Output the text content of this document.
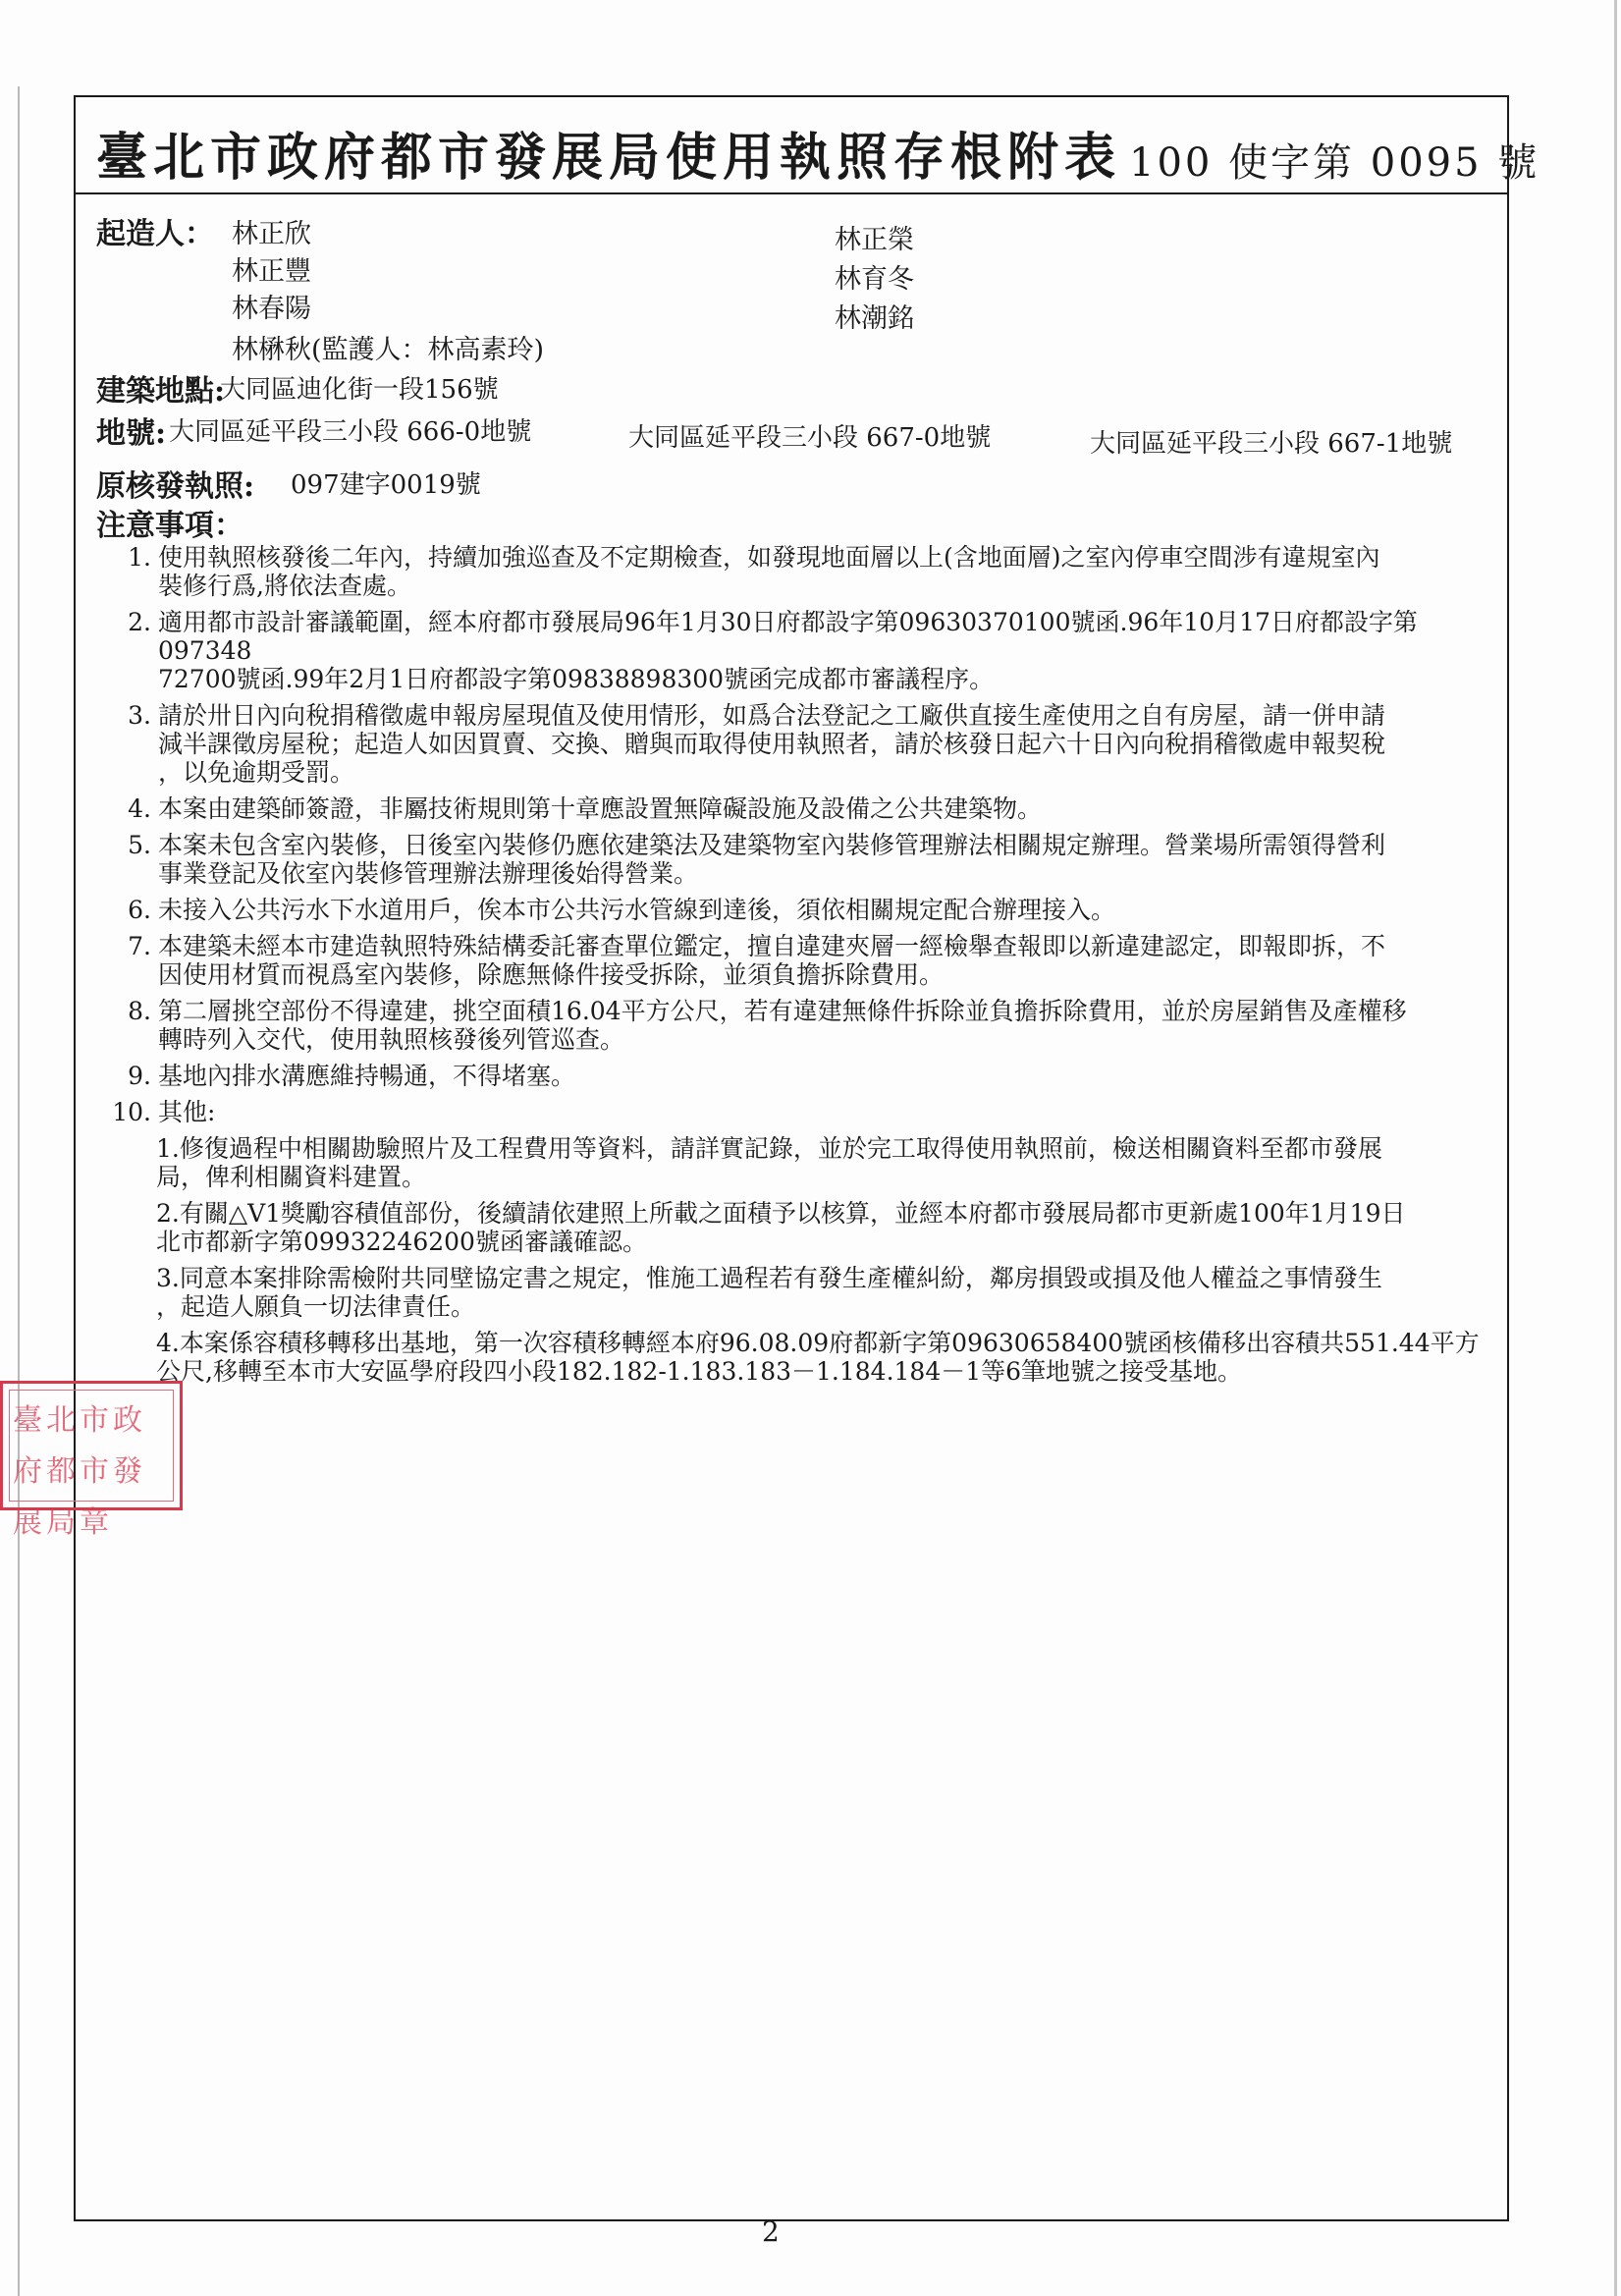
臺北市政府都市發展局使用執照存根附表 100 使字第 0095 號
起造人： 林正欣
林正豐
林春陽
林楙秋(監護人：林高素玲)
林正榮
林育冬
林潮銘
建築地點:
大同區迪化街一段156號
地號: 大同區延平段三小段 666-0地號	大同區延平段三小段 667-0地號	大同區延平段三小段 667-1地號
原核發執照: 097建字0019號
注意事項：
1. 使用執照核發後二年內，持續加強巡查及不定期檢查，如發現地面層以上(含地面層)之室內停車空間涉有違規室內
裝修行爲,將依法查處。
2. 適用都市設計審議範圍，經本府都市發展局96年1月30日府都設字第09630370100號函.96年10月17日府都設字第097348
72700號函.99年2月1日府都設字第09838898300號函完成都市審議程序。
3. 請於卅日內向稅捐稽徵處申報房屋現值及使用情形，如爲合法登記之工廠供直接生產使用之自有房屋，請一併申請
減半課徵房屋稅；起造人如因買賣、交換、贈與而取得使用執照者，請於核發日起六十日內向稅捐稽徵處申報契稅
，以免逾期受罰。
4. 本案由建築師簽證，非屬技術規則第十章應設置無障礙設施及設備之公共建築物。
5. 本案未包含室內裝修，日後室內裝修仍應依建築法及建築物室內裝修管理辦法相關規定辦理。營業場所需領得營利
事業登記及依室內裝修管理辦法辦理後始得營業。
6. 未接入公共污水下水道用戶，俟本市公共污水管線到達後，須依相關規定配合辦理接入。
7. 本建築未經本市建造執照特殊結構委託審查單位鑑定，擅自違建夾層一經檢舉查報即以新違建認定，即報即拆，不
因使用材質而視爲室內裝修，除應無條件接受拆除，並須負擔拆除費用。
8. 第二層挑空部份不得違建，挑空面積16.04平方公尺，若有違建無條件拆除並負擔拆除費用，並於房屋銷售及產權移
轉時列入交代，使用執照核發後列管巡查。
9. 基地內排水溝應維持暢通，不得堵塞。
10. 其他:
1.修復過程中相關勘驗照片及工程費用等資料，請詳實記錄，並於完工取得使用執照前，檢送相關資料至都市發展
局，俾利相關資料建置。
2.有關△V1獎勵容積值部份，後續請依建照上所載之面積予以核算，並經本府都市發展局都市更新處100年1月19日
北市都新字第09932246200號函審議確認。
3.同意本案排除需檢附共同壁協定書之規定，惟施工過程若有發生產權糾紛，鄰房損毀或損及他人權益之事情發生
，起造人願負一切法律責任。
4.本案係容積移轉移出基地，第一次容積移轉經本府96.08.09府都新字第09630658400號函核備移出容積共551.44平方
公尺,移轉至本市大安區學府段四小段182.182-1.183.183－1.184.184－1等6筆地號之接受基地。
臺北市政府都市發展局章
2
